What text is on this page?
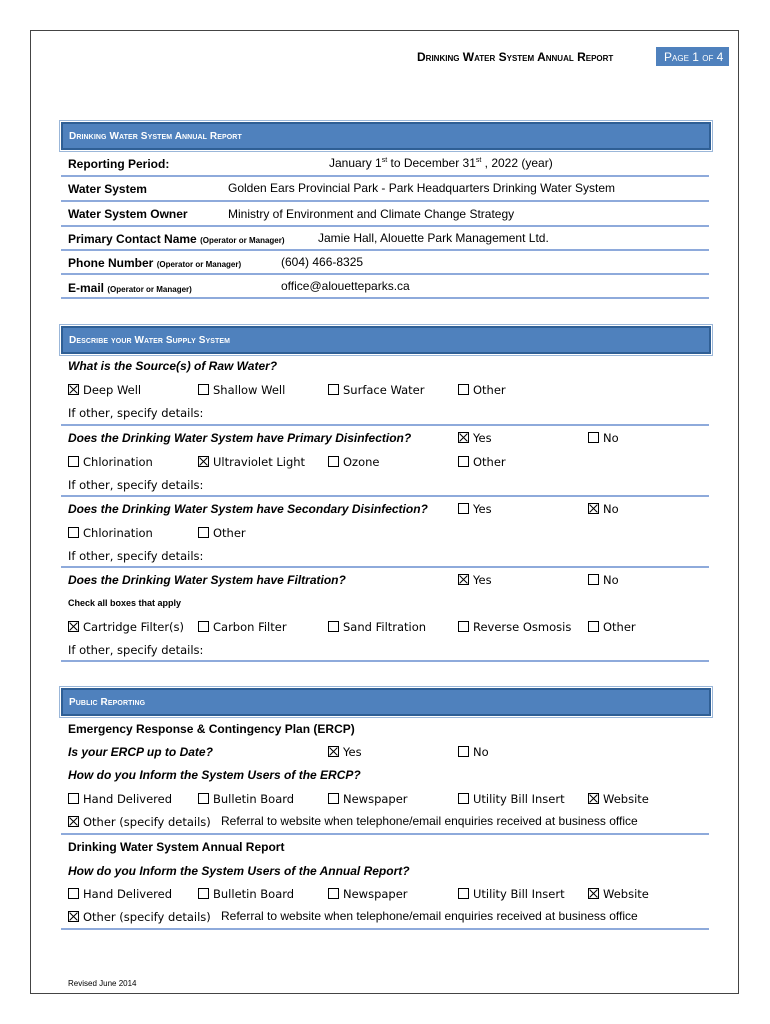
Drinking Water System Annual Report	Page 1 of 4
Drinking Water System Annual Report
Reporting Period:	January 1st to December 31st , 2022 (year)
Water System	Golden Ears Provincial Park - Park Headquarters Drinking Water System
Water System Owner	Ministry of Environment and Climate Change Strategy
Primary Contact Name (Operator or Manager)	Jamie Hall, Alouette Park Management Ltd.
Phone Number (Operator or Manager)	(604) 466-8325
E-mail (Operator or Manager)	office@alouetteparks.ca
Describe your Water Supply System
What is the Source(s) of Raw Water?
Deep Well	Shallow Well	Surface Water	Other
If other, specify details:
Does the Drinking Water System have Primary Disinfection?	Yes	No
Chlorination	Ultraviolet Light	Ozone	Other
If other, specify details:
Does the Drinking Water System have Secondary Disinfection?	Yes	No
Chlorination	Other
If other, specify details:
Does the Drinking Water System have Filtration?	Yes	No
Check all boxes that apply
Cartridge Filter(s)	Carbon Filter	Sand Filtration	Reverse Osmosis	Other
If other, specify details:
Public Reporting
Emergency Response & Contingency Plan (ERCP)
Is your ERCP up to Date?	Yes	No
How do you Inform the System Users of the ERCP?
Hand Delivered	Bulletin Board	Newspaper	Utility Bill Insert	Website
Other (specify details) Referral to website when telephone/email enquiries received at business office
Drinking Water System Annual Report
How do you Inform the System Users of the Annual Report?
Hand Delivered	Bulletin Board	Newspaper	Utility Bill Insert	Website
Other (specify details) Referral to website when telephone/email enquiries received at business office
Revised June 2014
